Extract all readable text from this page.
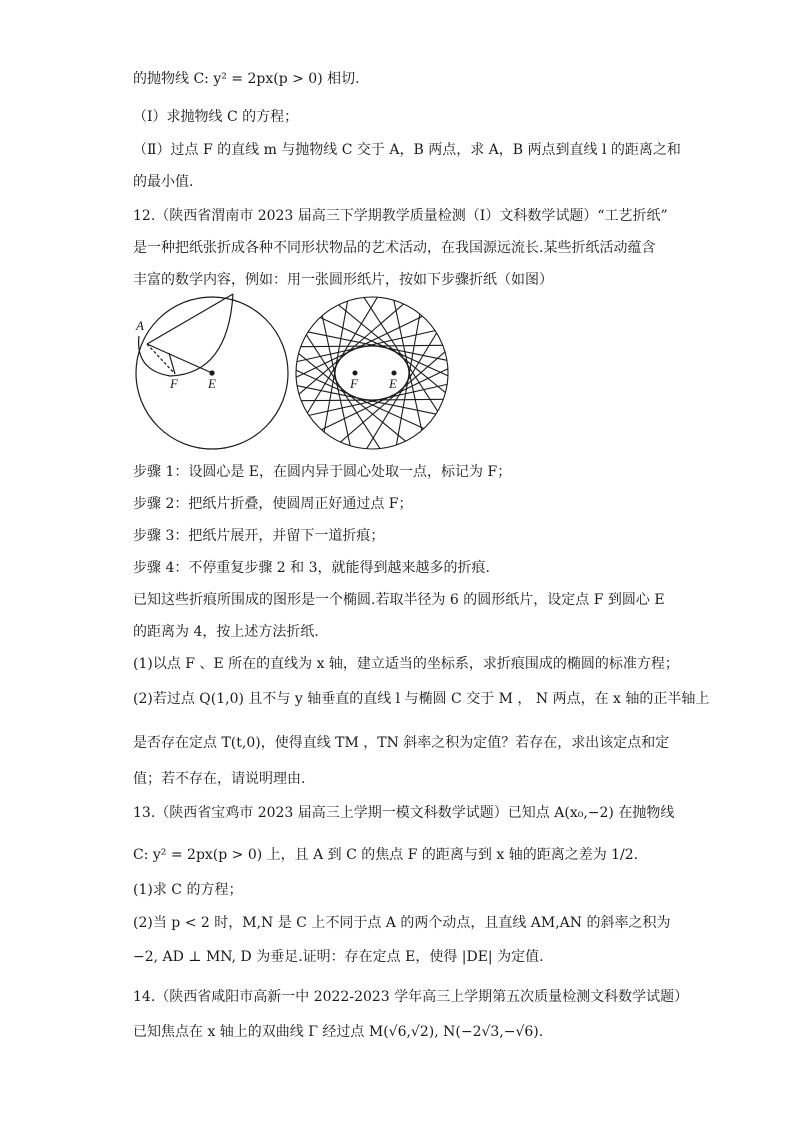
的抛物线 C: y² = 2px(p > 0) 相切.
（Ⅰ）求抛物线 C 的方程；
（Ⅱ）过点 F 的直线 m 与抛物线 C 交于 A，B 两点，求 A，B 两点到直线 l 的距离之和
的最小值.
12.（陕西省渭南市 2023 届高三下学期教学质量检测（Ⅰ）文科数学试题）“工艺折纸”
是一种把纸张折成各种不同形状物品的艺术活动，在我国源远流长.某些折纸活动蕴含
丰富的数学内容，例如：用一张圆形纸片，按如下步骤折纸（如图）
步骤 1：设圆心是 E，在圆内异于圆心处取一点，标记为 F；
步骤 2：把纸片折叠，使圆周正好通过点 F；
步骤 3：把纸片展开，并留下一道折痕；
步骤 4：不停重复步骤 2 和 3，就能得到越来越多的折痕.
已知这些折痕所围成的图形是一个椭圆.若取半径为 6 的圆形纸片，设定点 F 到圆心 E
的距离为 4，按上述方法折纸.
(1)以点 F 、E 所在的直线为 x 轴，建立适当的坐标系，求折痕围成的椭圆的标准方程；
(2)若过点 Q(1,0) 且不与 y 轴垂直的直线 l 与椭圆 C 交于 M ， N 两点，在 x 轴的正半轴上
是否存在定点 T(t,0)，使得直线 TM ，TN 斜率之积为定值？若存在，求出该定点和定
值；若不存在，请说明理由.
13.（陕西省宝鸡市 2023 届高三上学期一模文科数学试题）已知点 A(x₀,−2) 在抛物线
C: y² = 2px(p > 0) 上，且 A 到 C 的焦点 F 的距离与到 x 轴的距离之差为 1/2.
(1)求 C 的方程；
(2)当 p < 2 时，M,N 是 C 上不同于点 A 的两个动点，且直线 AM,AN 的斜率之积为
−2, AD ⊥ MN, D 为垂足.证明：存在定点 E，使得 |DE| 为定值.
14.（陕西省咸阳市高新一中 2022-2023 学年高三上学期第五次质量检测文科数学试题）
已知焦点在 x 轴上的双曲线 Γ 经过点 M(√6,√2), N(−2√3,−√6).
A
F E	F E
